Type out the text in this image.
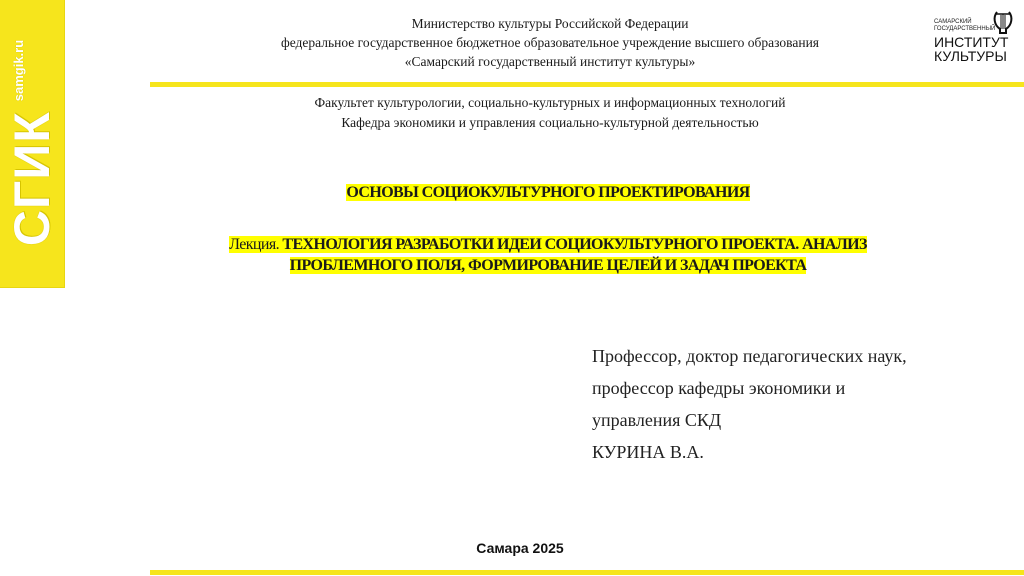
СГИК
samgik.ru
Министерство культуры Российской Федерации
федеральное государственное бюджетное образовательное учреждение высшего образования
«Самарский государственный институт культуры»
САМАРСКИЙ
ГОСУДАРСТВЕННЫЙ
ИНСТИТУТ
КУЛЬТУРЫ
Факультет культурологии, социально-культурных и информационных технологий
Кафедра экономики и управления социально-культурной деятельностью
ОСНОВЫ СОЦИОКУЛЬТУРНОГО ПРОЕКТИРОВАНИЯ
Лекция. ТЕХНОЛОГИЯ РАЗРАБОТКИ ИДЕИ СОЦИОКУЛЬТУРНОГО ПРОЕКТА. АНАЛИЗ
ПРОБЛЕМНОГО ПОЛЯ, ФОРМИРОВАНИЕ ЦЕЛЕЙ И ЗАДАЧ ПРОЕКТА
Профессор, доктор педагогических наук,
профессор кафедры экономики и
управления СКД
КУРИНА В.А.
Самара 2025
